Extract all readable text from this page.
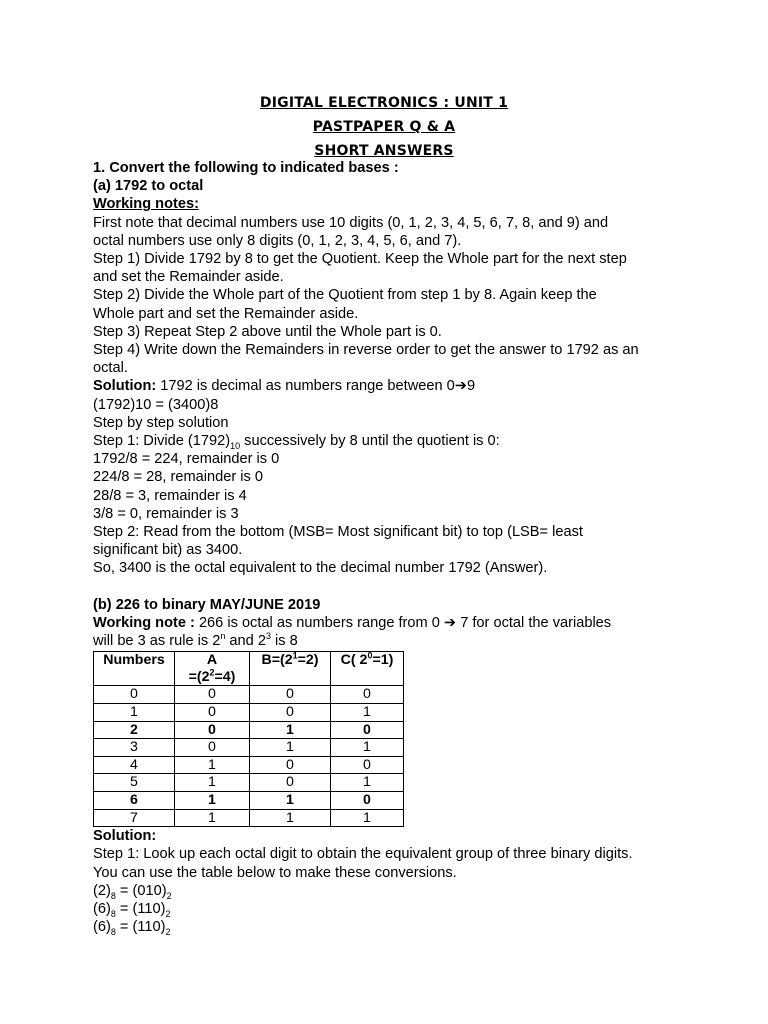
DIGITAL ELECTRONICS : UNIT 1
PASTPAPER Q & A
SHORT ANSWERS

1. Convert the following to indicated bases :

(a) 1792 to octal

Working notes:

First note that decimal numbers use 10 digits (0, 1, 2, 3, 4, 5, 6, 7, 8, and 9) and

octal numbers use only 8 digits (0, 1, 2, 3, 4, 5, 6, and 7).

Step 1) Divide 1792 by 8 to get the Quotient. Keep the Whole part for the next step

and set the Remainder aside.

Step 2) Divide the Whole part of the Quotient from step 1 by 8. Again keep the

Whole part and set the Remainder aside.

Step 3) Repeat Step 2 above until the Whole part is 0.

Step 4) Write down the Remainders in reverse order to get the answer to 1792 as an

octal.

Solution: 1792 is decimal as numbers range between 0➔9

(1792)10 = (3400)8

Step by step solution

Step 1: Divide $(1792)_{10}$ successively by 8 until the quotient is 0:

1792/8 = 224, remainder is 0

224/8 = 28, remainder is 0

28/8 = 3, remainder is 4

3/8 = 0, remainder is 3

Step 2: Read from the bottom (MSB= Most significant bit) to top (LSB= least

significant bit) as 3400.

So, 3400 is the octal equivalent to the decimal number 1792 (Answer).

(b) 226 to binary MAY/JUNE 2019

Working note : 266 is octal as numbers range from 0 ➔ 7 for octal the variables

will be 3 as rule is 2$^n$ and $2^3$ is 8

Numbers	A
$=(2^2=4)$	$B=(2^1=2)$	C( $2^0=1$)
0	0	0	0
1	0	0	1
2	0	1	0
3	0	1	1
4	1	0	0
5	1	0	1
6	1	1	0
7	1	1	1

Solution:

Step 1: Look up each octal digit to obtain the equivalent group of three binary digits.

You can use the table below to make these conversions.

$(2)_8 = (010)_2$

$(6)_8 = (110)_2$

$(6)_8 = (110)_2$
